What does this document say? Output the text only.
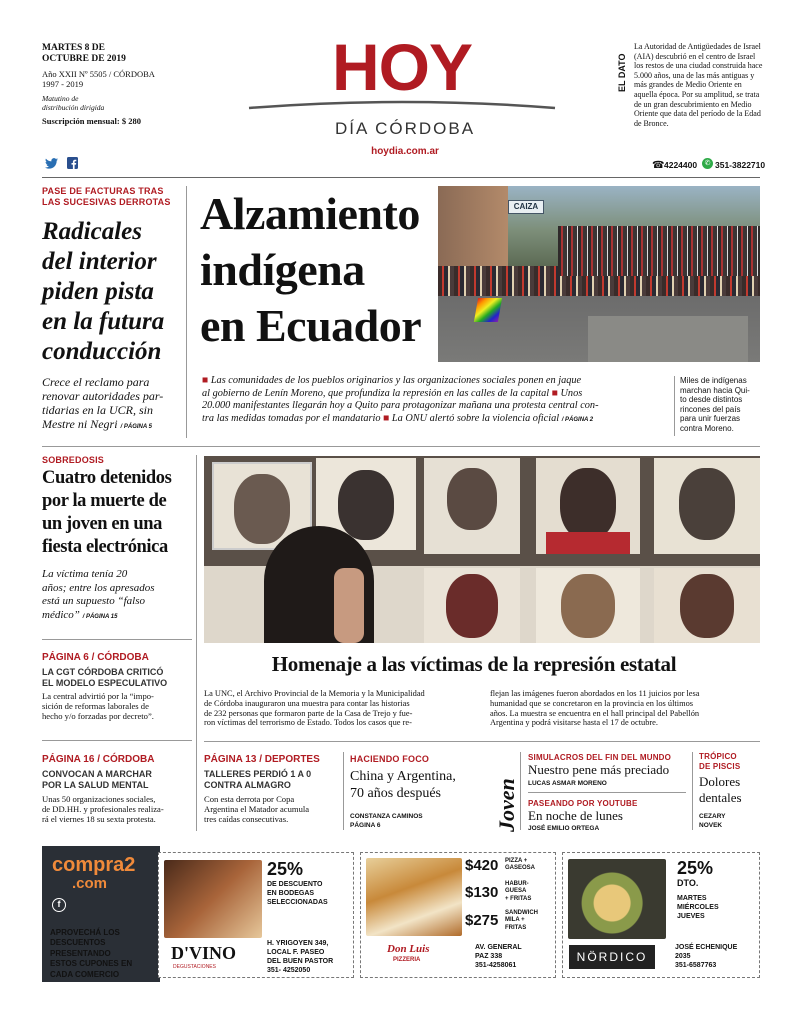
MARTES 8 DE
OCTUBRE DE 2019
Año XXII Nº 5505 / CÓRDOBA
1997 - 2019
Matutino de
distribución dirigida
Suscripción mensual: $ 280
HOY
DÍA CÓRDOBA
hoydia.com.ar
EL DATO
La Autoridad de Antigüedades de Israel (AIA) descubrió en el centro de Israel los restos de una ciudad construida hace 5.000 años, una de las más antiguas y más grandes de Medio Oriente en aquella época. Por su amplitud, se trata de un gran descubrimiento en Medio Oriente que data del período de la Edad de Bronce.
☎ 4224400	✆ 351-3822710
PASE DE FACTURAS TRAS
LAS SUCESIVAS DERROTAS
Radicales
del interior
piden pista
en la futura
conducción
Crece el reclamo para
renovar autoridades par-
tidarias en la UCR, sin
Mestre ni Negri / PÁGINA 5
Alzamiento
indígena
en Ecuador
CAIZA
■ Las comunidades de los pueblos originarios y las organizaciones sociales ponen en jaque
al gobierno de Lenín Moreno, que profundiza la represión en las calles de la capital ■ Unos
20.000 manifestantes llegarán hoy a Quito para protagonizar mañana una protesta central con-
tra las medidas tomadas por el mandatario ■ La ONU alertó sobre la violencia oficial / PÁGINA 2
Miles de indígenas
marchan hacia Qui-
to desde distintos
rincones del país
para unir fuerzas
contra Moreno.
SOBREDOSIS
Cuatro detenidos
por la muerte de
un joven en una
fiesta electrónica
La víctima tenía 20
años; entre los apresados
está un supuesto “falso
médico” / PÁGINA 15
PÁGINA 6 / CÓRDOBA
LA CGT CÓRDOBA CRITICÓ
EL MODELO ESPECULATIVO
La central advirtió por la “impo-
sición de reformas laborales de
hecho y/o forzadas por decreto”.
PÁGINA 16 / CÓRDOBA
CONVOCAN A MARCHAR
POR LA SALUD MENTAL
Unas 50 organizaciones sociales,
de DD.HH. y profesionales realiza-
rá el viernes 18 su sexta protesta.
Homenaje a las víctimas de la represión estatal
La UNC, el Archivo Provincial de la Memoria y la Municipalidad
de Córdoba inauguraron una muestra para contar las historias
de 232 personas que formaron parte de la Casa de Trejo y fue-
ron víctimas del terrorismo de Estado. Todos los casos que re-
flejan las imágenes fueron abordados en los 11 juicios por lesa
humanidad que se concretaron en la provincia en los últimos
años. La muestra se encuentra en el hall principal del Pabellón
Argentina y podrá visitarse hasta el 17 de octubre.
PÁGINA 13 / DEPORTES
TALLERES PERDIÓ 1 A 0
CONTRA ALMAGRO
Con esta derrota por Copa
Argentina el Matador acumula
tres caídas consecutivas.
HACIENDO FOCO
China y Argentina,
70 años después
CONSTANZA CAMINOS
PÁGINA 6	Joven
SIMULACROS DEL FIN DEL MUNDO
Nuestro pene más preciado
LUCAS ASMAR MORENO
PASEANDO POR YOUTUBE
En noche de lunes
JOSÉ EMILIO ORTEGA
TRÓPICO
DE PISCIS
Dolores
dentales
CEZARY
NOVEK
compra2
.com
f
APROVECHÁ LOS
DESCUENTOS
PRESENTANDO
ESTOS CUPONES EN
CADA COMERCIO
25%
DE DESCUENTO
EN BODEGAS
SELECCIONADAS
D'VINO
DEGUSTACIONES
H. YRIGOYEN 349,
LOCAL F. PASEO
DEL BUEN PASTOR
351- 4252050
$420 PIZZA +
GASEOSA
$130 HABUR-
GUESA
+ FRITAS
$275 SANDWICH
MILA +
FRITAS
Don Luis
PIZZERIA
AV. GENERAL
PAZ 338
351-4258061
25%
DTO.
MARTES
MIÉRCOLES
JUEVES
NÖRDICO
JOSÉ ECHENIQUE
2035
351-6587763
